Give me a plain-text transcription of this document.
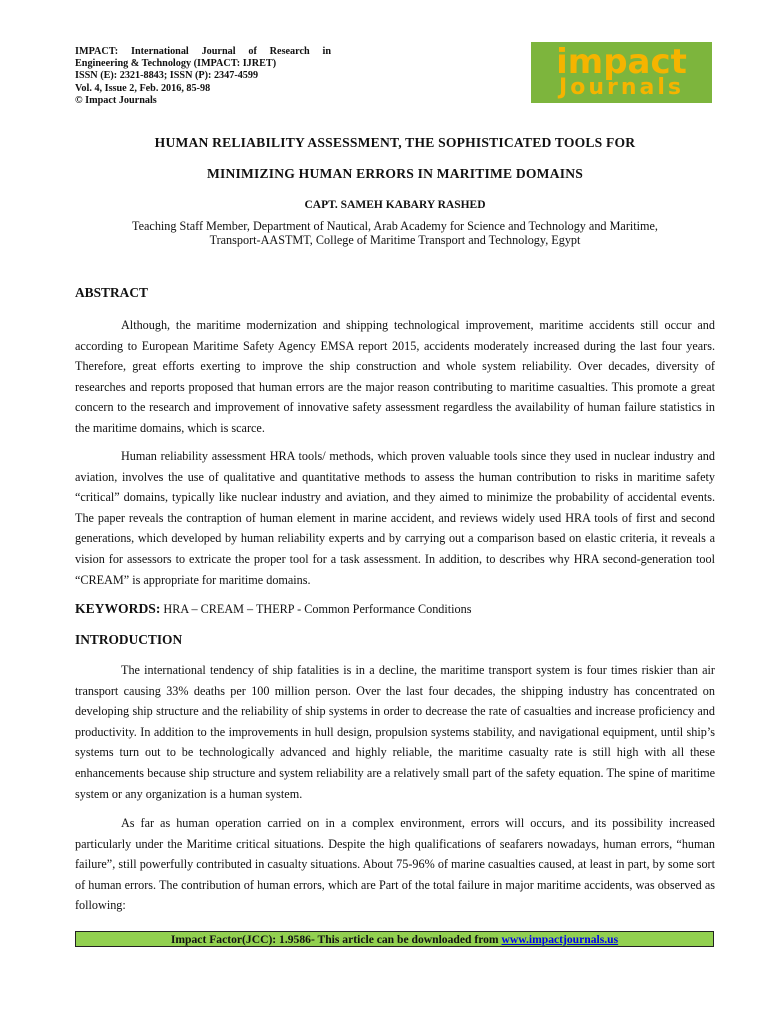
IMPACT: International Journal of Research in
Engineering & Technology (IMPACT: IJRET)
ISSN (E): 2321-8843; ISSN (P): 2347-4599
Vol. 4, Issue 2, Feb. 2016, 85-98
© Impact Journals
impact
Journals
HUMAN RELIABILITY ASSESSMENT, THE SOPHISTICATED TOOLS FOR
MINIMIZING HUMAN ERRORS IN MARITIME DOMAINS
CAPT. SAMEH KABARY RASHED
Teaching Staff Member, Department of Nautical, Arab Academy for Science and Technology and Maritime,
Transport-AASTMT, College of Maritime Transport and Technology, Egypt
ABSTRACT

Although, the maritime modernization and shipping technological improvement, maritime accidents still occur and according to European Maritime Safety Agency EMSA report 2015, accidents moderately increased during the last four years. Therefore, great efforts exerting to improve the ship construction and whole system reliability. Over decades, diversity of researches and reports proposed that human errors are the major reason contributing to maritime casualties. This promote a great concern to the research and improvement of innovative safety assessment regardless the availability of human failure statistics in the maritime domains, which is scarce.

Human reliability assessment HRA tools/ methods, which proven valuable tools since they used in nuclear industry and aviation, involves the use of qualitative and quantitative methods to assess the human contribution to risks in maritime safety “critical” domains, typically like nuclear industry and aviation, and they aimed to minimize the probability of accidental events. The paper reveals the contraption of human element in marine accident, and reviews widely used HRA tools of first and second generations, which developed by human reliability experts and by carrying out a comparison based on elastic criteria, it reveals a vision for assessors to extricate the proper tool for a task assessment. In addition, to describes why HRA second-generation tool “CREAM” is appropriate for maritime domains.

KEYWORDS: HRA – CREAM – THERP - Common Performance Conditions
INTRODUCTION

The international tendency of ship fatalities is in a decline, the maritime transport system is four times riskier than air transport causing 33% deaths per 100 million person. Over the last four decades, the shipping industry has concentrated on developing ship structure and the reliability of ship systems in order to decrease the rate of casualties and increase proficiency and productivity. In addition to the improvements in hull design, propulsion systems stability, and navigational equipment, until ship’s systems turn out to be technologically advanced and highly reliable, the maritime casualty rate is still high with all these enhancements because ship structure and system reliability are a relatively small part of the safety equation. The spine of maritime system or any organization is a human system.

As far as human operation carried on in a complex environment, errors will occurs, and its possibility increased particularly under the Maritime critical situations. Despite the high qualifications of seafarers nowadays, human errors, “human failure”, still powerfully contributed in casualty situations. About 75-96% of marine casualties caused, at least in part, by some sort of human errors. The contribution of human errors, which are Part of the total failure in major maritime accidents, was observed as following:

Impact Factor(JCC): 1.9586- This article can be downloaded from www.impactjournals.us
